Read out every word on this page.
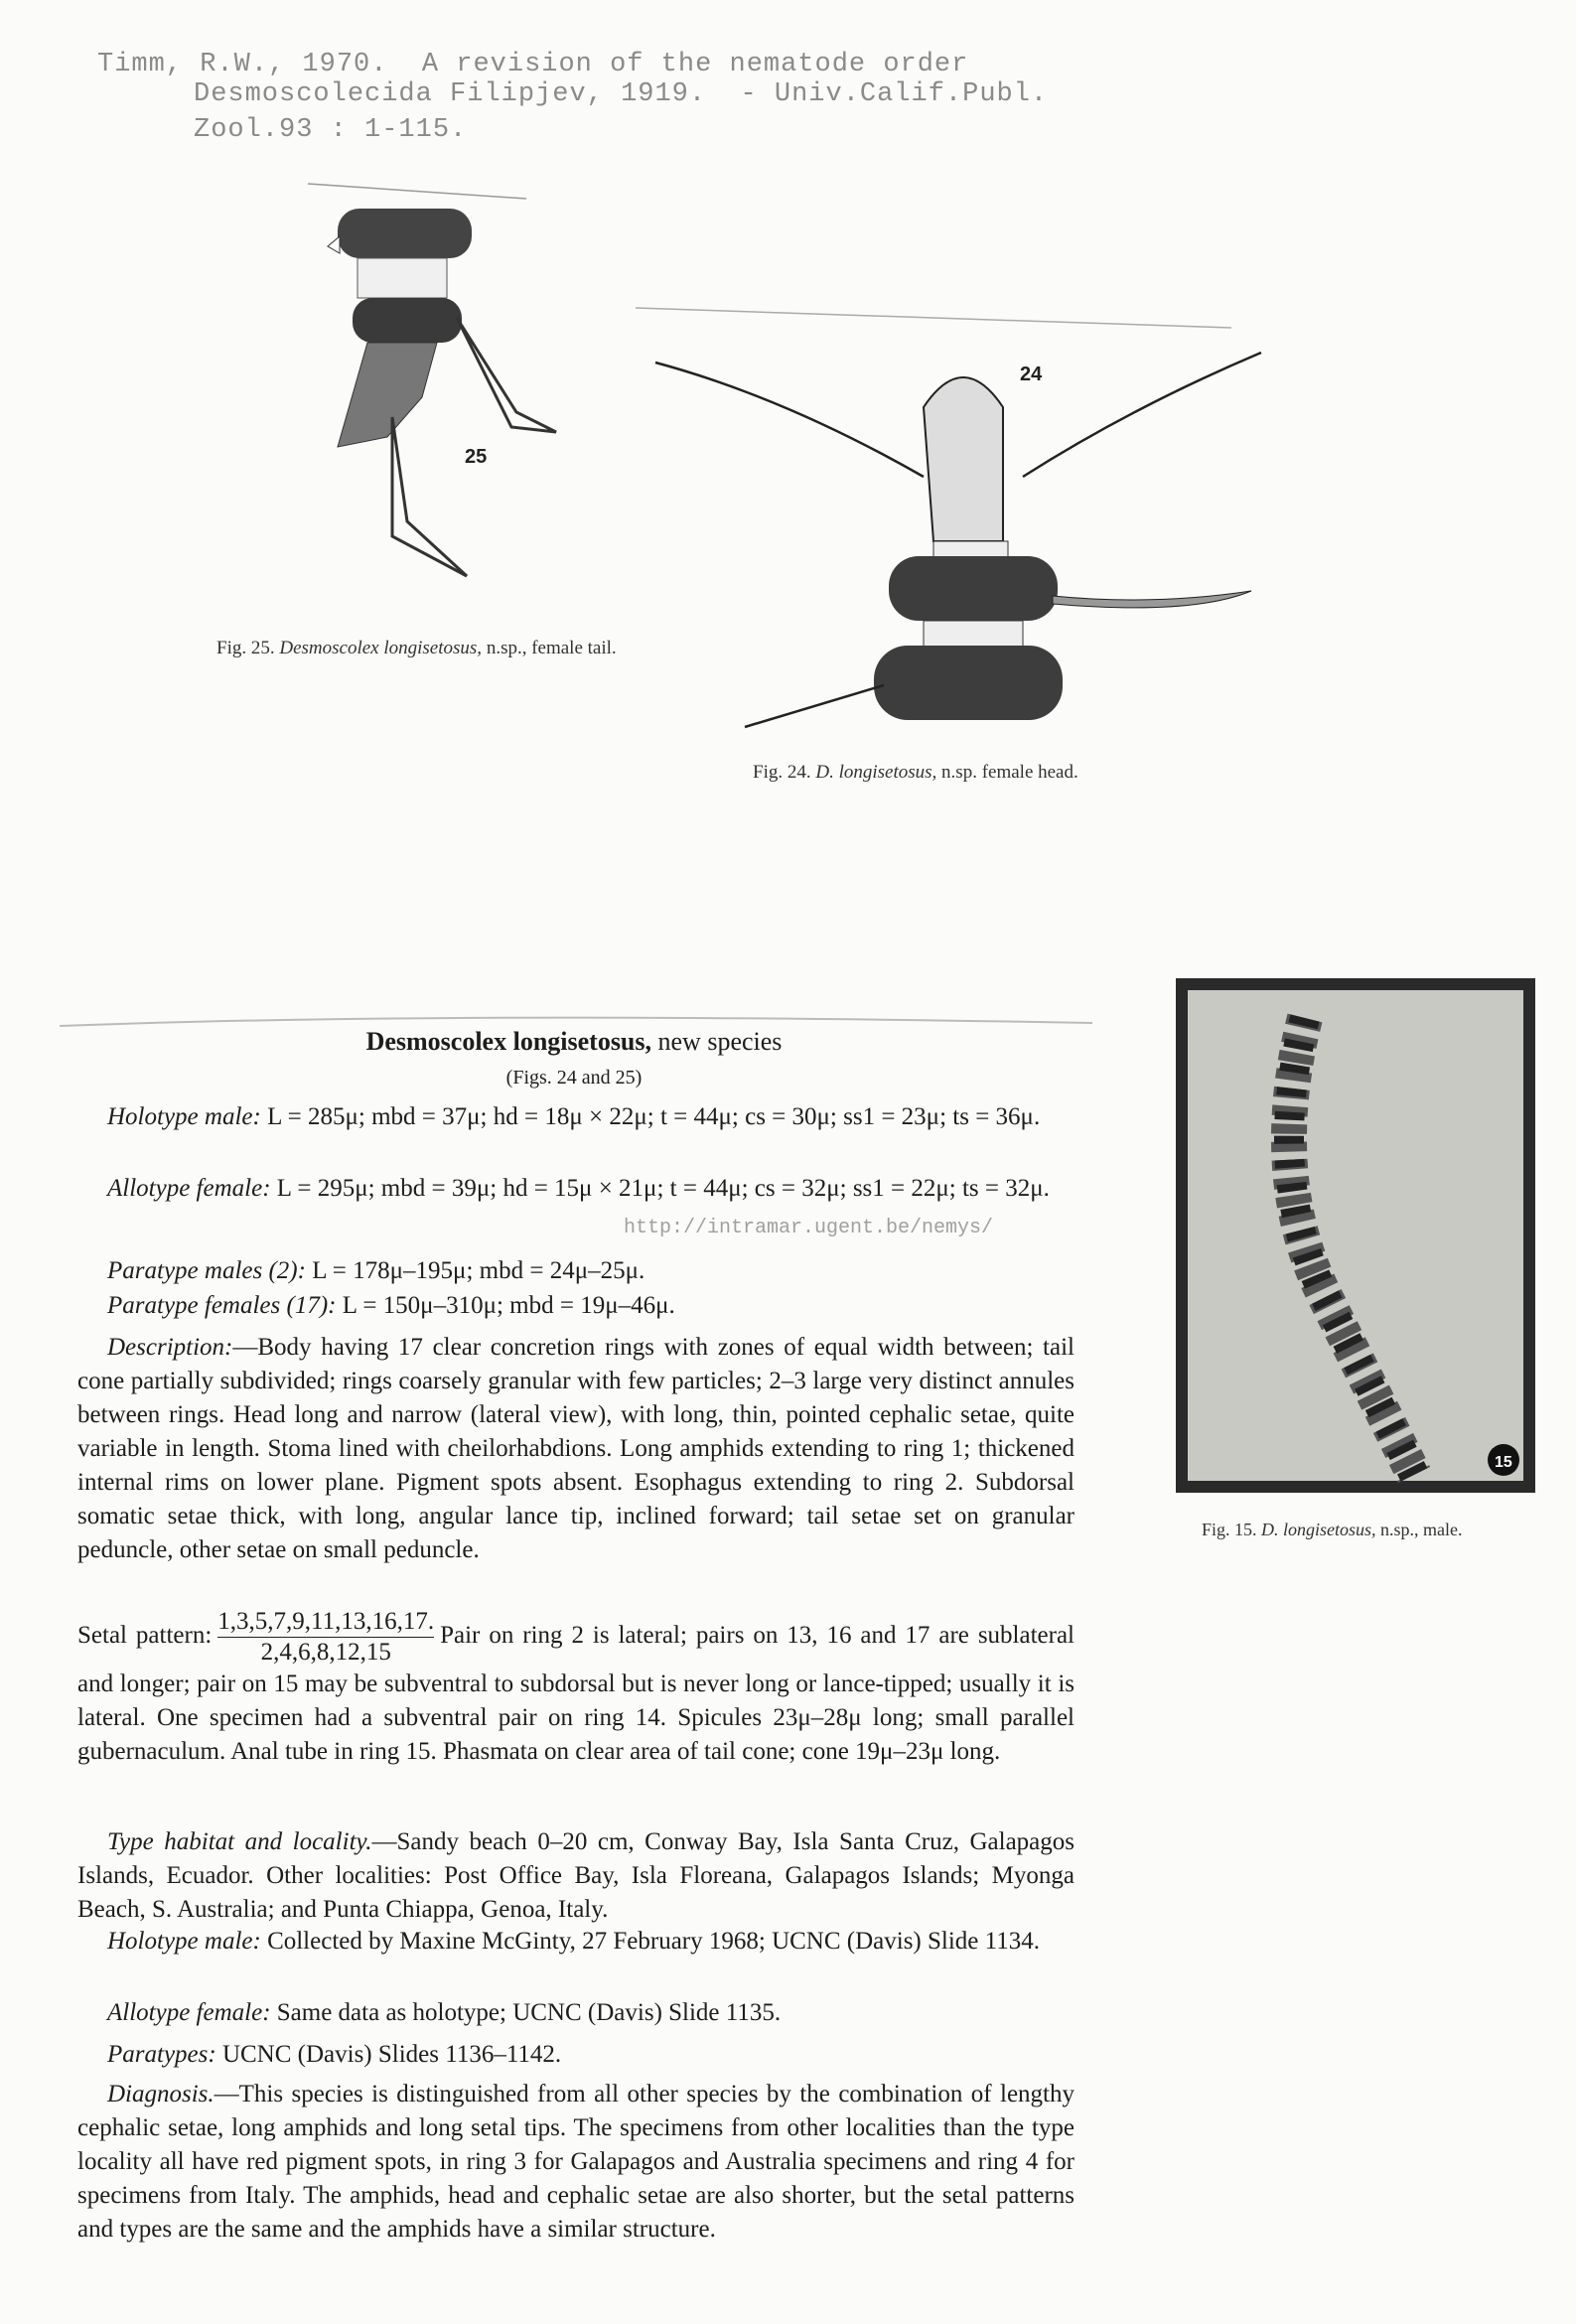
Timm, R.W., 1970.  A revision of the nematode order
Desmoscolecida Filipjev, 1919.  - Univ.Calif.Publ.
Zool.93 : 1-115.
25
Fig. 25. Desmoscolex longisetosus, n.sp., female tail.
24
Fig. 24. D. longisetosus, n.sp. female head.
15
Fig. 15. D. longisetosus, n.sp., male.
Desmoscolex longisetosus, new species
(Figs. 24 and 25)
http://intramar.ugent.be/nemys/
Holotype male: L = 285μ; mbd = 37μ; hd = 18μ × 22μ; t = 44μ; cs = 30μ; ss1 = 23μ; ts = 36μ.
Allotype female: L = 295μ; mbd = 39μ; hd = 15μ × 21μ; t = 44μ; cs = 32μ; ss1 = 22μ; ts = 32μ.
Paratype males (2): L = 178μ–195μ; mbd = 24μ–25μ.
Paratype females (17): L = 150μ–310μ; mbd = 19μ–46μ.
Description:—Body having 17 clear concretion rings with zones of equal width between; tail cone partially subdivided; rings coarsely granular with few particles; 2–3 large very distinct annules between rings. Head long and narrow (lateral view), with long, thin, pointed cephalic setae, quite variable in length. Stoma lined with cheilorhabdions. Long amphids extending to ring 1; thickened internal rims on lower plane. Pigment spots absent. Esophagus extending to ring 2. Subdorsal somatic setae thick, with long, angular lance tip, inclined forward; tail setae set on granular peduncle, other setae on small peduncle.
Setal pattern: $\frac{1,3,5,7,9,11,13,16,17.}{2,4,6,8,12,15}$ Pair on ring 2 is lateral; pairs on 13, 16 and 17 are sublateral and longer; pair on 15 may be subventral to subdorsal but is never long or lance-tipped; usually it is lateral. One specimen had a subventral pair on ring 14. Spicules 23μ–28μ long; small parallel gubernaculum. Anal tube in ring 15. Phasmata on clear area of tail cone; cone 19μ–23μ long.
Type habitat and locality.—Sandy beach 0–20 cm, Conway Bay, Isla Santa Cruz, Galapagos Islands, Ecuador. Other localities: Post Office Bay, Isla Floreana, Galapagos Islands; Myonga Beach, S. Australia; and Punta Chiappa, Genoa, Italy.
Holotype male: Collected by Maxine McGinty, 27 February 1968; UCNC (Davis) Slide 1134.
Allotype female: Same data as holotype; UCNC (Davis) Slide 1135.
Paratypes: UCNC (Davis) Slides 1136–1142.
Diagnosis.—This species is distinguished from all other species by the combination of lengthy cephalic setae, long amphids and long setal tips. The specimens from other localities than the type locality all have red pigment spots, in ring 3 for Galapagos and Australia specimens and ring 4 for specimens from Italy. The amphids, head and cephalic setae are also shorter, but the setal patterns and types are the same and the amphids have a similar structure.
